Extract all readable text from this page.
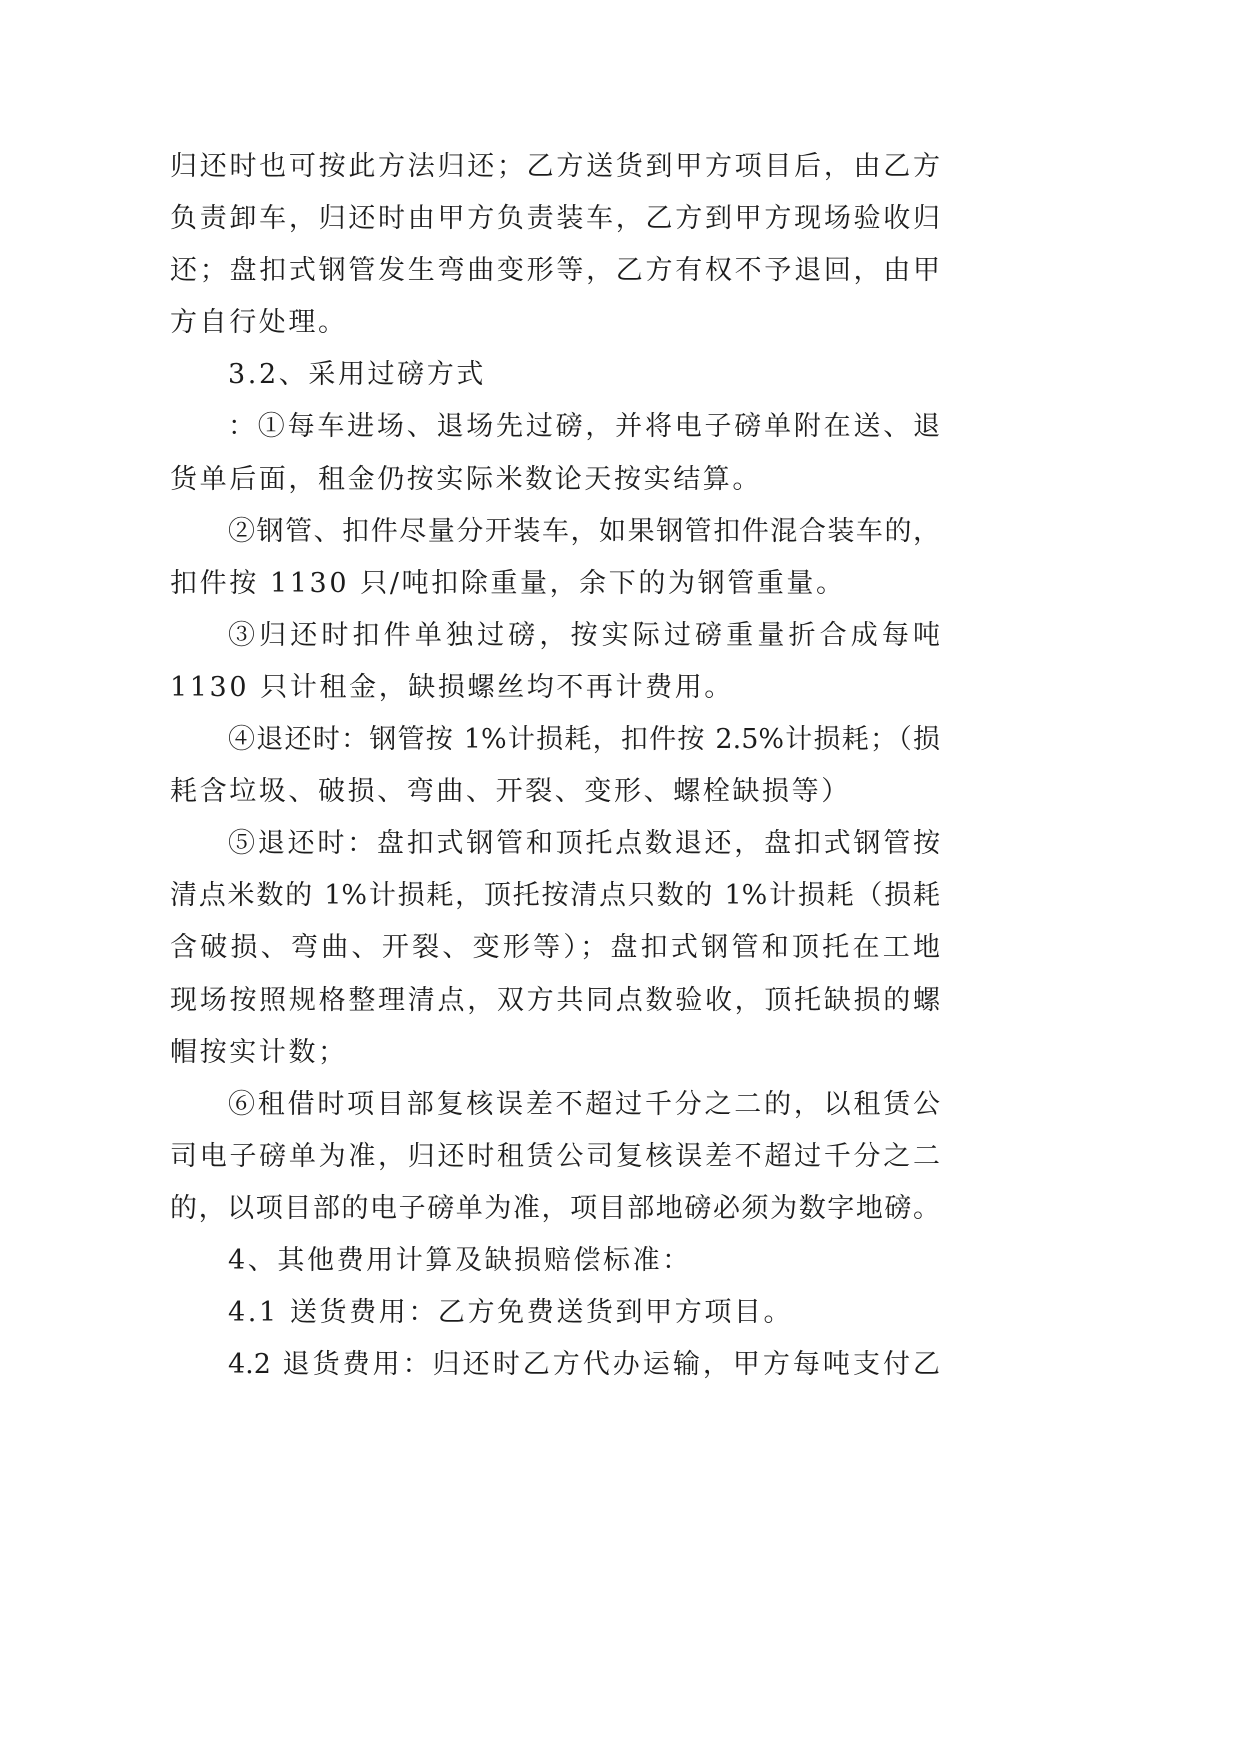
归还时也可按此方法归还；乙方送货到甲方项目后，由乙方
负责卸车，归还时由甲方负责装车，乙方到甲方现场验收归
还；盘扣式钢管发生弯曲变形等，乙方有权不予退回，由甲
方自行处理。
3.2、采用过磅方式
：①每车进场、退场先过磅，并将电子磅单附在送、退
货单后面，租金仍按实际米数论天按实结算。
②钢管、扣件尽量分开装车，如果钢管扣件混合装车的，
扣件按 1130 只/吨扣除重量，余下的为钢管重量。
③归还时扣件单独过磅，按实际过磅重量折合成每吨
1130 只计租金，缺损螺丝均不再计费用。
④退还时：钢管按 1%计损耗，扣件按 2.5%计损耗；（损
耗含垃圾、破损、弯曲、开裂、变形、螺栓缺损等）
⑤退还时：盘扣式钢管和顶托点数退还，盘扣式钢管按
清点米数的 1%计损耗，顶托按清点只数的 1%计损耗（损耗
含破损、弯曲、开裂、变形等）；盘扣式钢管和顶托在工地
现场按照规格整理清点，双方共同点数验收，顶托缺损的螺
帽按实计数；
⑥租借时项目部复核误差不超过千分之二的，以租赁公
司电子磅单为准，归还时租赁公司复核误差不超过千分之二
的，以项目部的电子磅单为准，项目部地磅必须为数字地磅。
4、其他费用计算及缺损赔偿标准：
4.1 送货费用：乙方免费送货到甲方项目。
4.2 退货费用：归还时乙方代办运输，甲方每吨支付乙
